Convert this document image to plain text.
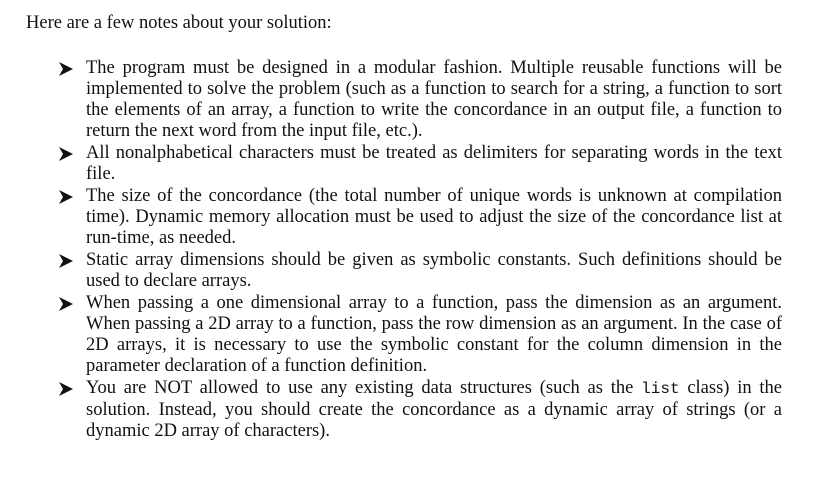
Here are a few notes about your solution:
The program must be designed in a modular fashion. Multiple reusable functions will be implemented to solve the problem (such as a function to search for a string, a function to sort the elements of an array, a function to write the concordance in an output file, a function to return the next word from the input file, etc.).
All nonalphabetical characters must be treated as delimiters for separating words in the text file.
The size of the concordance (the total number of unique words is unknown at compilation time). Dynamic memory allocation must be used to adjust the size of the concordance list at run-time, as needed.
Static array dimensions should be given as symbolic constants. Such definitions should be used to declare arrays.
When passing a one dimensional array to a function, pass the dimension as an argument. When passing a 2D array to a function, pass the row dimension as an argument. In the case of 2D arrays, it is necessary to use the symbolic constant for the column dimension in the parameter declaration of a function definition.
You are NOT allowed to use any existing data structures (such as the list class) in the solution. Instead, you should create the concordance as a dynamic array of strings (or a dynamic 2D array of characters).
